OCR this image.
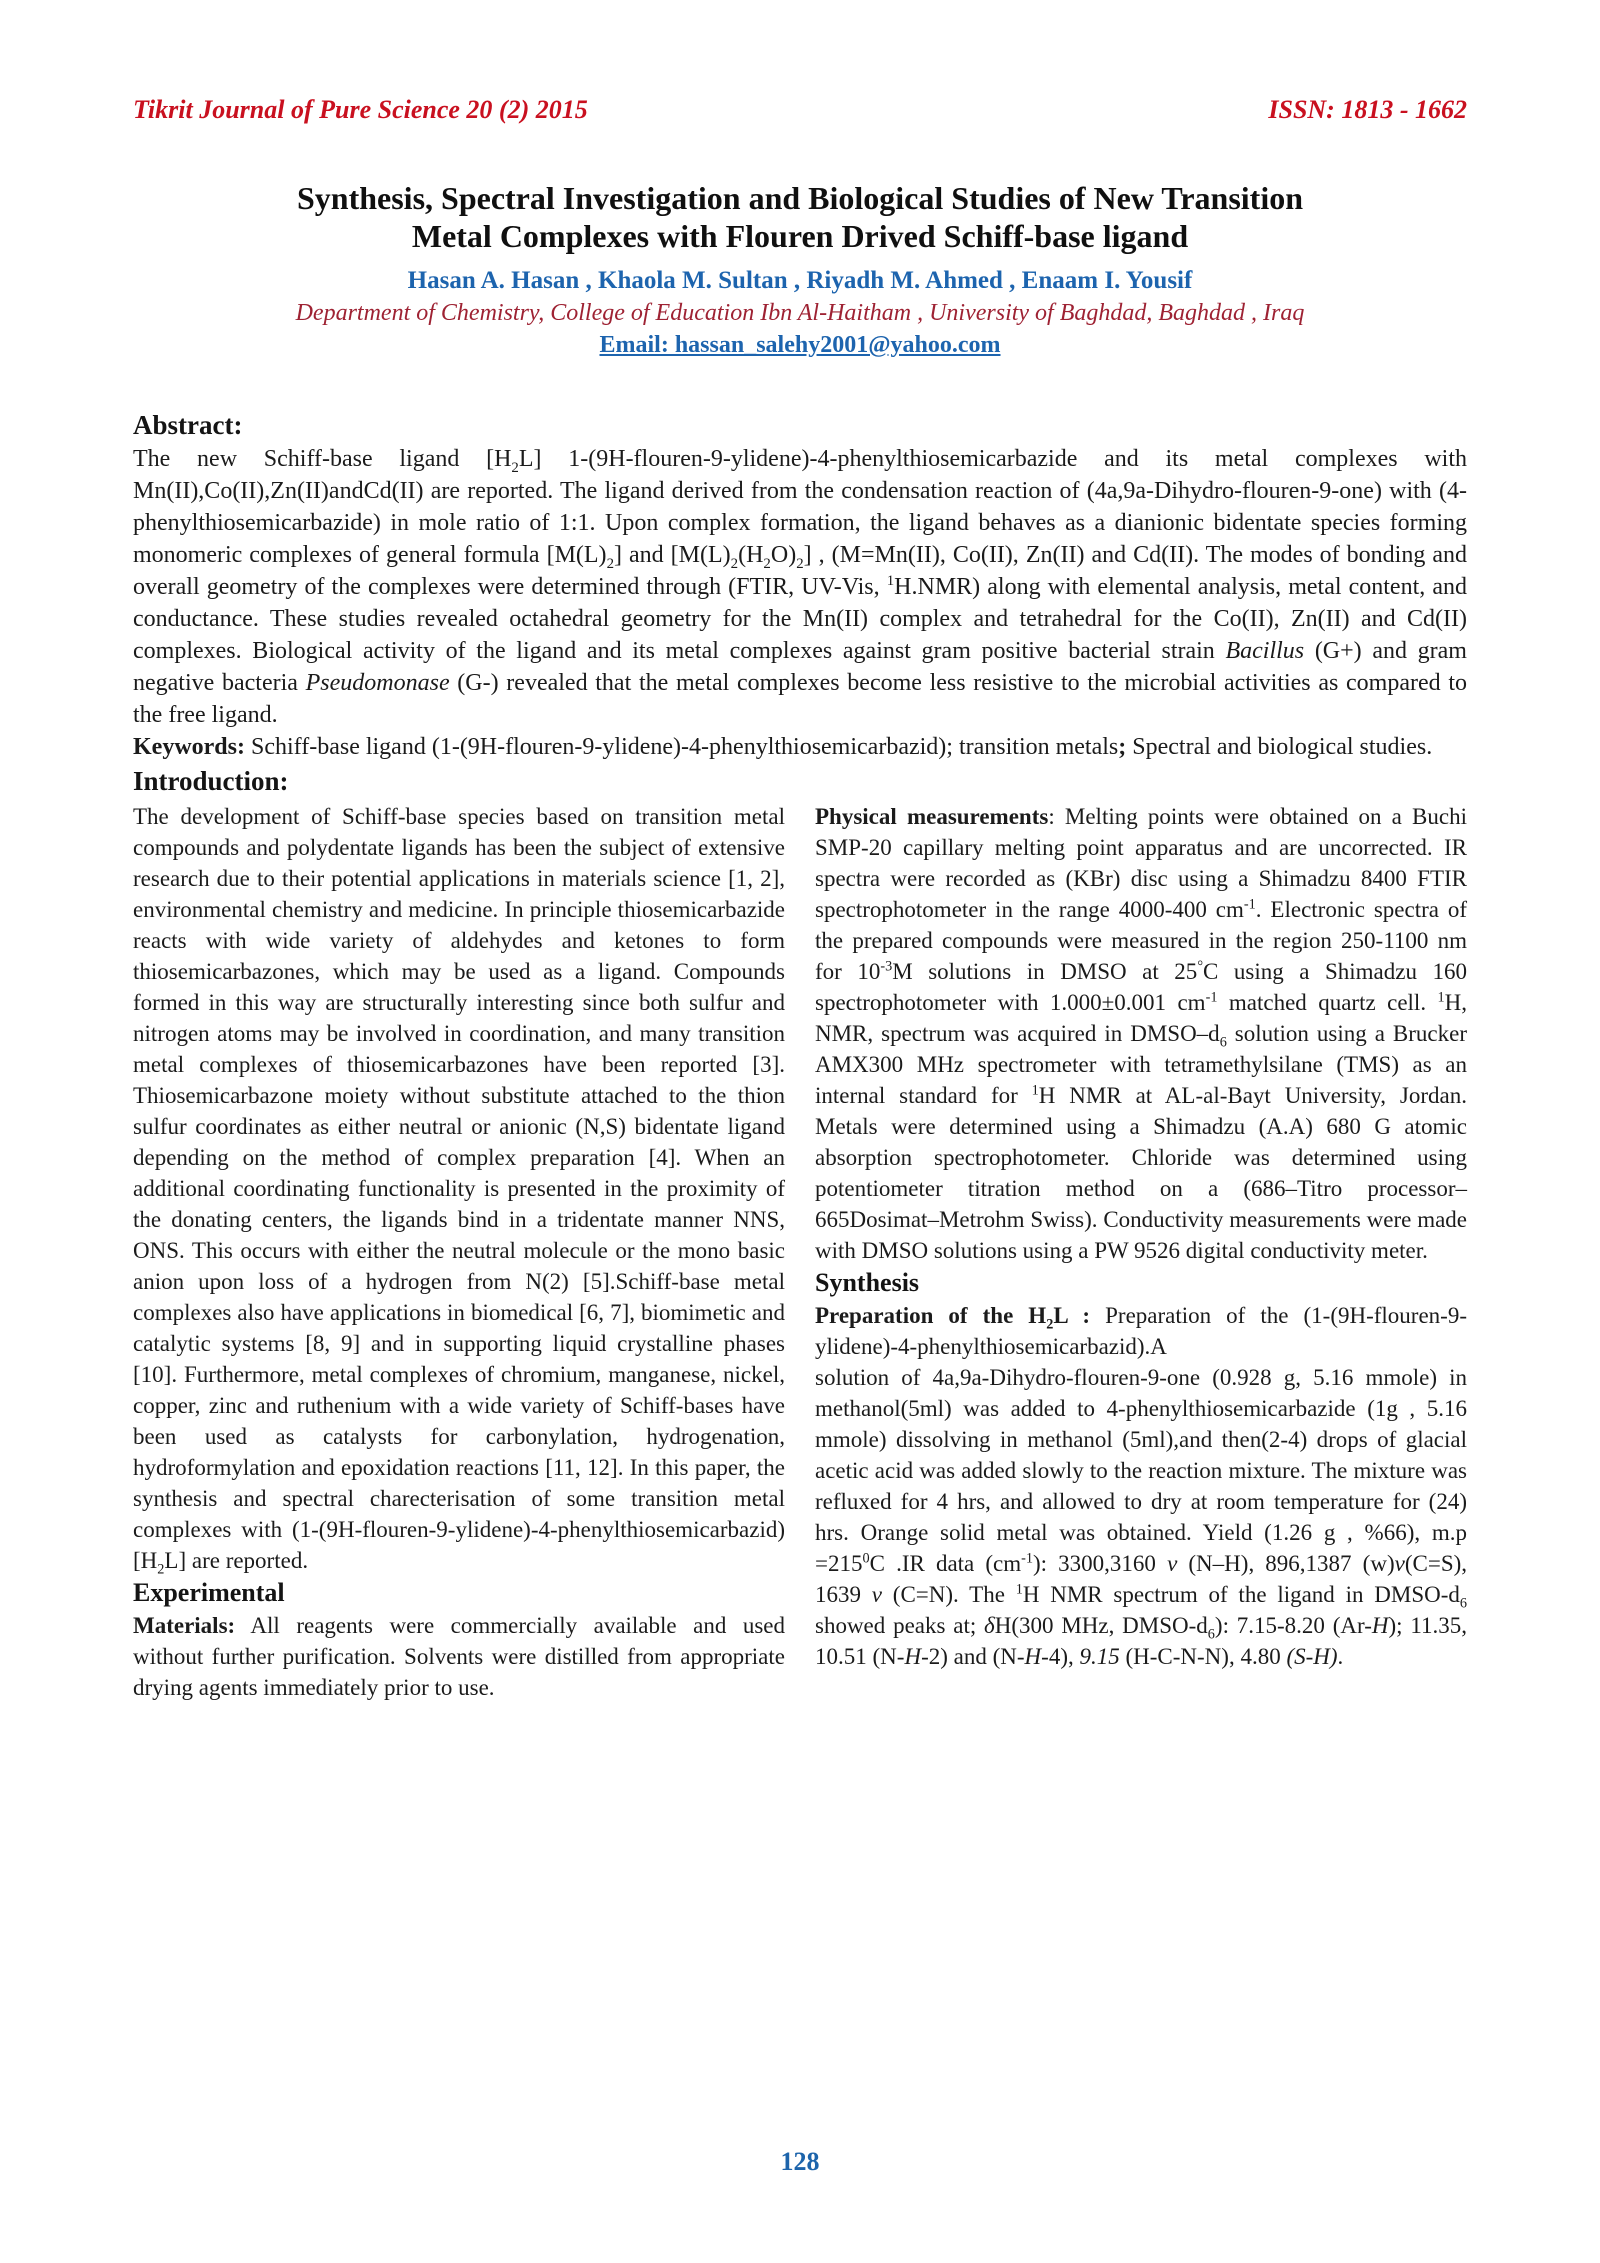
Tikrit Journal of Pure Science 20 (2) 2015	ISSN: 1813 - 1662
Synthesis, Spectral Investigation and Biological Studies of New Transition
Metal Complexes with Flouren Drived Schiff-base ligand
Hasan A. Hasan , Khaola M. Sultan , Riyadh M. Ahmed , Enaam I. Yousif
Department of Chemistry, College of Education Ibn Al-Haitham , University of Baghdad, Baghdad , Iraq
Email: hassan_salehy2001@yahoo.com
Abstract:

The new Schiff-base ligand $[H_2L]$ 1-(9H-flouren-9-ylidene)-4-phenylthiosemicarbazide and its metal complexes with Mn(II),Co(II),Zn(II)andCd(II) are reported. The ligand derived from the condensation reaction of (4a,9a-Dihydro-flouren-9-one) with (4-phenylthiosemicarbazide) in mole ratio of 1:1. Upon complex formation, the ligand behaves as a dianionic bidentate species forming monomeric complexes of general formula $[M(L)_2]$ and $[M(L)_2(H_2O)_2]$ , (M=Mn(II), Co(II), Zn(II) and Cd(II). The modes of bonding and overall geometry of the complexes were determined through (FTIR, UV-Vis, $^1$H.NMR) along with elemental analysis, metal content, and conductance. These studies revealed octahedral geometry for the Mn(II) complex and tetrahedral for the Co(II), Zn(II) and Cd(II) complexes. Biological activity of the ligand and its metal complexes against gram positive bacterial strain Bacillus (G+) and gram negative bacteria Pseudomonase (G-) revealed that the metal complexes become less resistive to the microbial activities as compared to the free ligand.

Keywords: Schiff-base ligand (1-(9H-flouren-9-ylidene)-4-phenylthiosemicarbazid); transition metals; Spectral and biological studies.

Introduction:

The development of Schiff-base species based on transition metal compounds and polydentate ligands has been the subject of extensive research due to their potential applications in materials science [1, 2], environmental chemistry and medicine. In principle thiosemicarbazide reacts with wide variety of aldehydes and ketones to form thiosemicarbazones, which may be used as a ligand. Compounds formed in this way are structurally interesting since both sulfur and nitrogen atoms may be involved in coordination, and many transition metal complexes of thiosemicarbazones have been reported [3]. Thiosemicarbazone moiety without substitute attached to the thion sulfur coordinates as either neutral or anionic (N,S) bidentate ligand depending on the method of complex preparation [4]. When an additional coordinating functionality is presented in the proximity of the donating centers, the ligands bind in a tridentate manner NNS, ONS. This occurs with either the neutral molecule or the mono basic anion upon loss of a hydrogen from N(2) [5].Schiff-base metal complexes also have applications in biomedical [6, 7], biomimetic and catalytic systems [8, 9] and in supporting liquid crystalline phases [10]. Furthermore, metal complexes of chromium, manganese, nickel, copper, zinc and ruthenium with a wide variety of Schiff-bases have been used as catalysts for carbonylation, hydrogenation, hydroformylation and epoxidation reactions [11, 12]. In this paper, the synthesis and spectral charecterisation of some transition metal complexes with (1-(9H-flouren-9-ylidene)-4-phenylthiosemicarbazid) $[H_2L]$ are reported.

Experimental

Materials: All reagents were commercially available and used without further purification. Solvents were distilled from appropriate drying agents immediately prior to use.

Physical measurements: Melting points were obtained on a Buchi SMP-20 capillary melting point apparatus and are uncorrected. IR spectra were recorded as (KBr) disc using a Shimadzu 8400 FTIR spectrophotometer in the range 4000-400 $cm^{-1}$. Electronic spectra of the prepared compounds were measured in the region 250-1100 nm for $10^{-3}M$ solutions in DMSO at 25°C using a Shimadzu 160 spectrophotometer with 1.000±0.001 $cm^{-1}$ matched quartz cell. $^1$H, NMR, spectrum was acquired in DMSO–$d_6$ solution using a Brucker AMX300 MHz spectrometer with tetramethylsilane (TMS) as an internal standard for $^1$H NMR at AL-al-Bayt University, Jordan. Metals were determined using a Shimadzu (A.A) 680 G atomic absorption spectrophotometer. Chloride was determined using potentiometer titration method on a (686–Titro processor– 665Dosimat–Metrohm Swiss). Conductivity measurements were made with DMSO solutions using a PW 9526 digital conductivity meter.

Synthesis

Preparation of the $H_2L$ : Preparation of the (1-(9H-flouren-9-ylidene)-4-phenylthiosemicarbazid).A
solution of 4a,9a-Dihydro-flouren-9-one (0.928 g, 5.16 mmole) in methanol(5ml) was added to 4-phenylthiosemicarbazide (1g , 5.16 mmole) dissolving in methanol (5ml),and then(2-4) drops of glacial acetic acid was added slowly to the reaction mixture. The mixture was refluxed for 4 hrs, and allowed to dry at room temperature for (24) hrs. Orange solid metal was obtained. Yield (1.26 g , %66), $m.p =215^0C$ .IR data $(cm^{-1})$: 3300,3160 v (N–H), 896,1387 (w)v(C=S), 1639 v (C=N). The $^1$H NMR spectrum of the ligand in DMSO-$d_6$ showed peaks at; δH(300 MHz, DMSO-$d_6$): 7.15-8.20 (Ar-H); 11.35, 10.51 (N-H-2) and (N-H-4), 9.15 (H-C-N-N), 4.80 (S-H).

128
